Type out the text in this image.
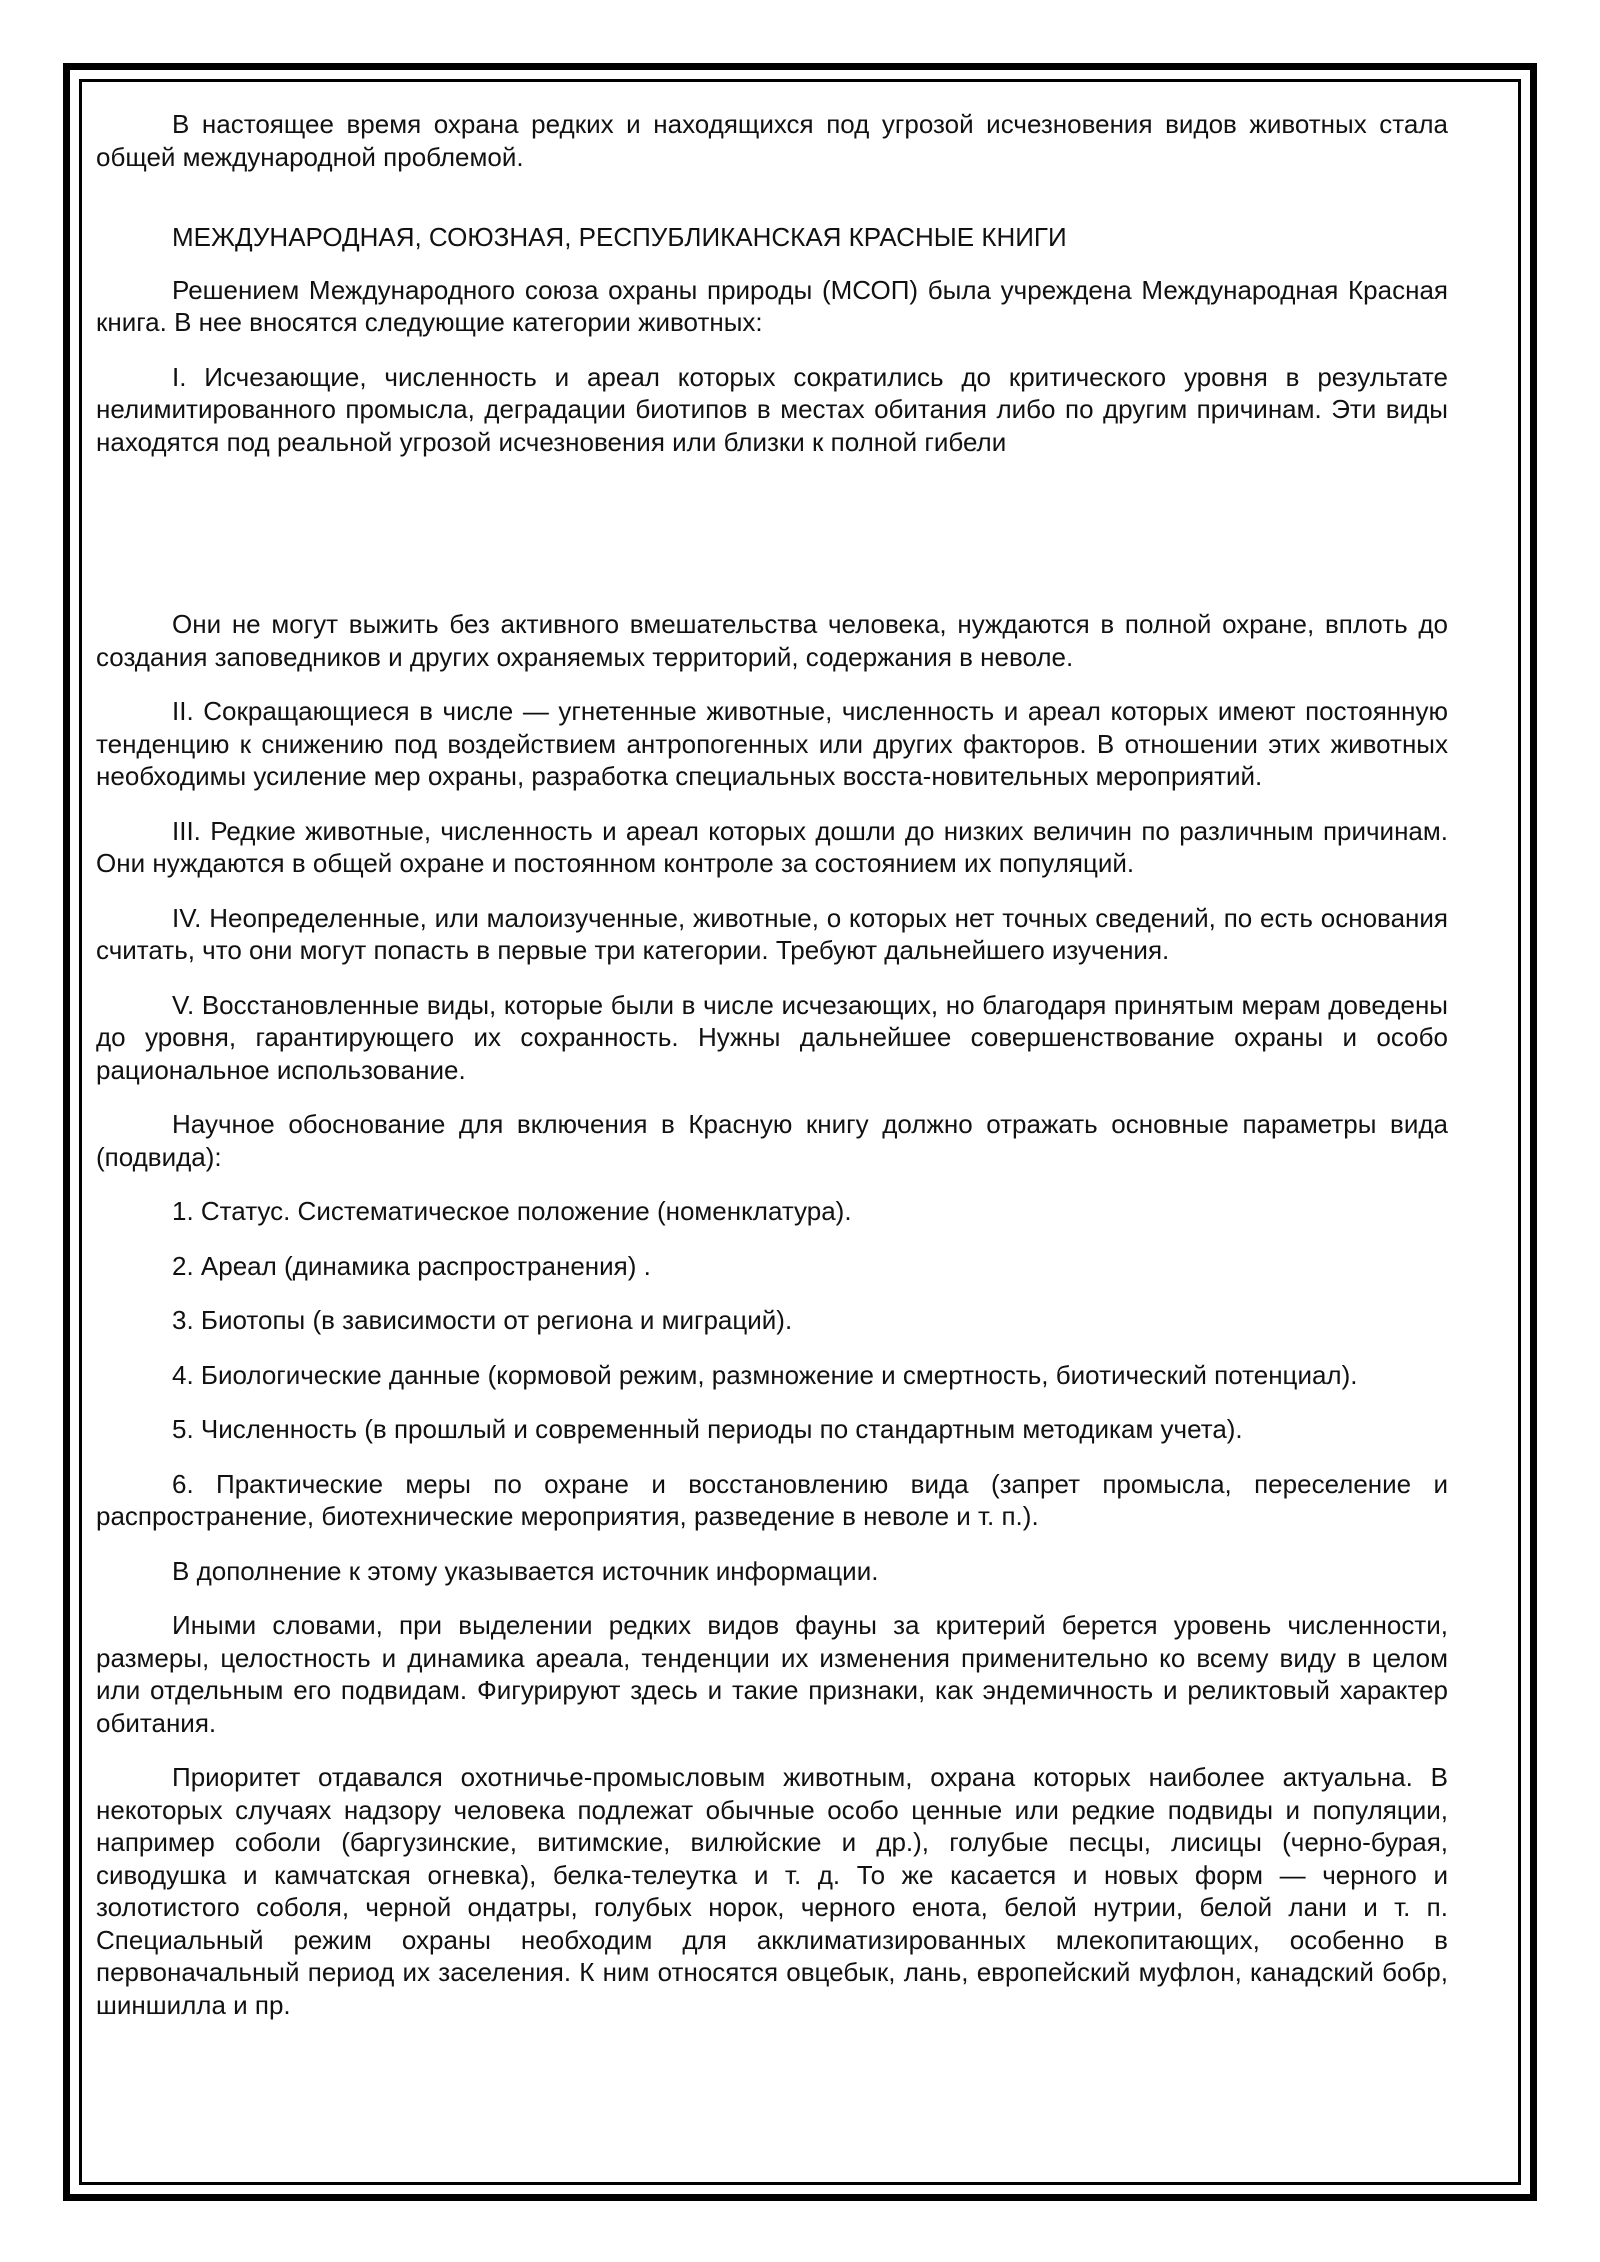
В настоящее время охрана редких и находящихся под угрозой исчезновения видов животных стала общей международной проблемой.

МЕЖДУНАРОДНАЯ, СОЮЗНАЯ, РЕСПУБЛИКАНСКАЯ КРАСНЫЕ КНИГИ

Решением Международного союза охраны природы (МСОП) была учреждена Международная Красная книга. В нее вносятся следующие категории животных:

I. Исчезающие, численность и ареал которых сократились до критического уровня в результате нелимитированного промысла, деградации биотипов в местах обитания либо по другим причинам. Эти виды находятся под реальной угрозой исчезновения или близки к полной гибели

Они не могут выжить без активного вмешательства человека, нуждаются в полной охране, вплоть до создания заповедников и других охраняемых территорий, содержания в неволе.

II. Сокращающиеся в числе — угнетенные животные, численность и ареал которых имеют постоянную тенденцию к снижению под воздействием антропогенных или других факторов. В отношении этих животных необходимы усиление мер охраны, разработка специальных восста-новительных мероприятий.

III. Редкие животные, численность и ареал которых дошли до низких величин по различным причинам. Они нуждаются в общей охране и постоянном контроле за состоянием их популяций.

IV. Неопределенные, или малоизученные, животные, о которых нет точных сведений, по есть основания считать, что они могут попасть в первые три категории. Требуют дальнейшего изучения.

V. Восстановленные виды, которые были в числе исчезающих, но благодаря принятым мерам доведены до уровня, гарантирующего их сохранность. Нужны дальнейшее совершенствование охраны и особо рациональное использование.

Научное обоснование для включения в Красную книгу должно отражать основные параметры вида (подвида):

1. Статус. Систематическое положение (номенклатура).

2. Ареал (динамика распространения) .

3. Биотопы (в зависимости от региона и миграций).

4. Биологические данные (кормовой режим, размножение и смертность, биотический потенциал).

5. Численность (в прошлый и современный периоды по стандартным методикам учета).

6. Практические меры по охране и восстановлению вида (запрет промысла, переселение и распространение, биотехнические мероприятия, разведение в неволе и т. п.).

В дополнение к этому указывается источник информации.

Иными словами, при выделении редких видов фауны за критерий берется уровень численности, размеры, целостность и динамика ареала, тенденции их изменения применительно ко всему виду в целом или отдельным его подвидам. Фигурируют здесь и такие признаки, как эндемичность и реликтовый характер обитания.

Приоритет отдавался охотничье-промысловым животным, охрана которых наиболее актуальна. В некоторых случаях надзору человека подлежат обычные особо ценные или редкие подвиды и популяции, например соболи (баргузинские, витимские, вилюйские и др.), голубые песцы, лисицы (черно-бурая, сиводушка и камчатская огневка), белка-телеутка и т. д. То же касается и новых форм — черного и золотистого соболя, черной ондатры, голубых норок, черного енота, белой нутрии, белой лани и т. п. Специальный режим охраны необходим для акклиматизированных млекопитающих, особенно в первоначальный период их заселения. К ним относятся овцебык, лань, европейский муфлон, канадский бобр, шиншилла и пр.
